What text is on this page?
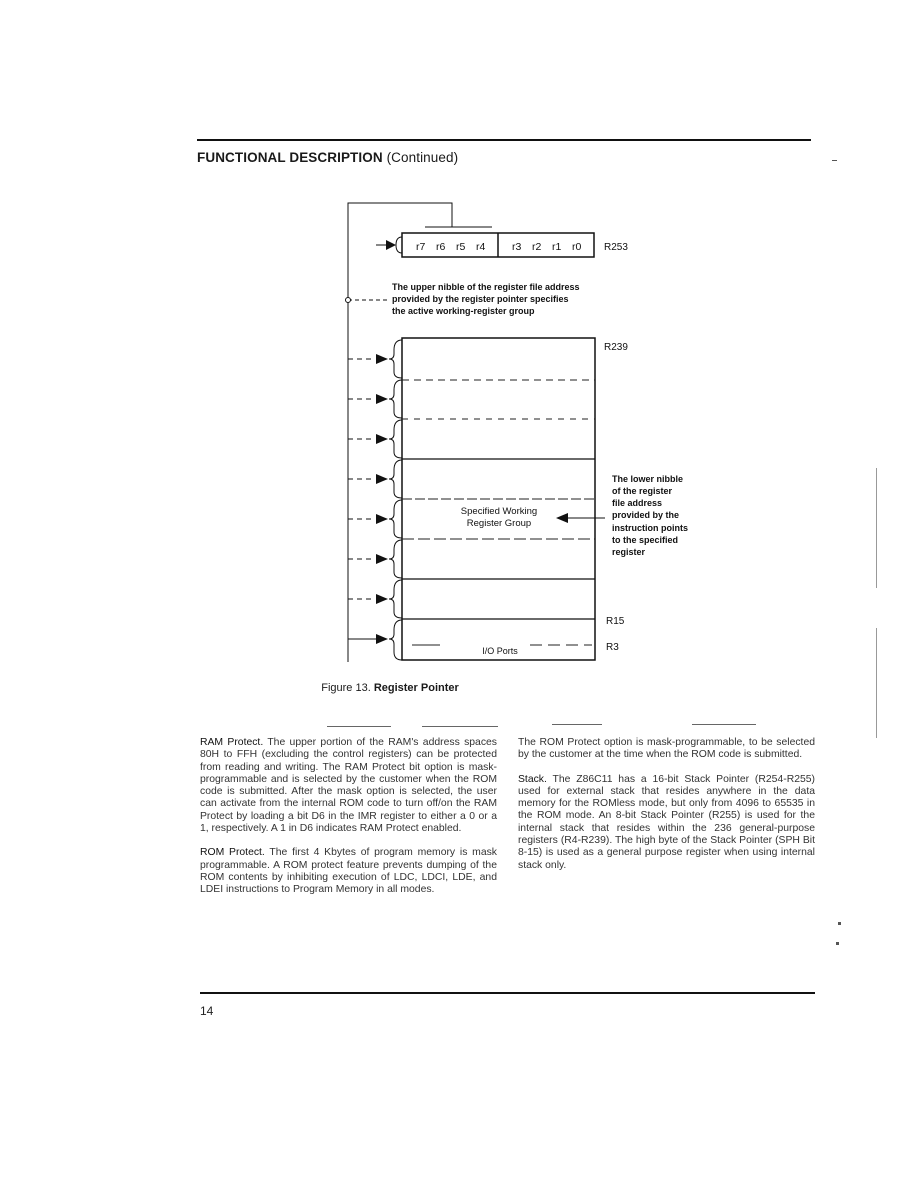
FUNCTIONAL DESCRIPTION (Continued)
r7 r6 r5 r4	r3 r2 r1 r0 R253
The upper nibble of the register file address
provided by the register pointer specifies
the active working-register group
R239
R15
R3
Specified Working
Register Group
I/O Ports
The lower nibble
of the register
file address
provided by the
instruction points
to the specified
register
Figure 13. Register Pointer

RAM Protect. The upper portion of the RAM's address spaces 80H to FFH (excluding the control registers) can be protected from reading and writing. The RAM Protect bit option is mask-programmable and is selected by the customer when the ROM code is submitted. After the mask option is selected, the user can activate from the internal ROM code to turn off/on the RAM Protect by loading a bit D6 in the IMR register to either a 0 or a 1, respectively. A 1 in D6 indicates RAM Protect enabled.

ROM Protect. The first 4 Kbytes of program memory is mask programmable. A ROM protect feature prevents dumping of the ROM contents by inhibiting execution of LDC, LDCI, LDE, and LDEI instructions to Program Memory in all modes.

The ROM Protect option is mask-programmable, to be selected by the customer at the time when the ROM code is submitted.

Stack. The Z86C11 has a 16-bit Stack Pointer (R254-R255) used for external stack that resides anywhere in the data memory for the ROMless mode, but only from 4096 to 65535 in the ROM mode. An 8-bit Stack Pointer (R255) is used for the internal stack that resides within the 236 general-purpose registers (R4-R239). The high byte of the Stack Pointer (SPH Bit 8-15) is used as a general purpose register when using internal stack only.

14
